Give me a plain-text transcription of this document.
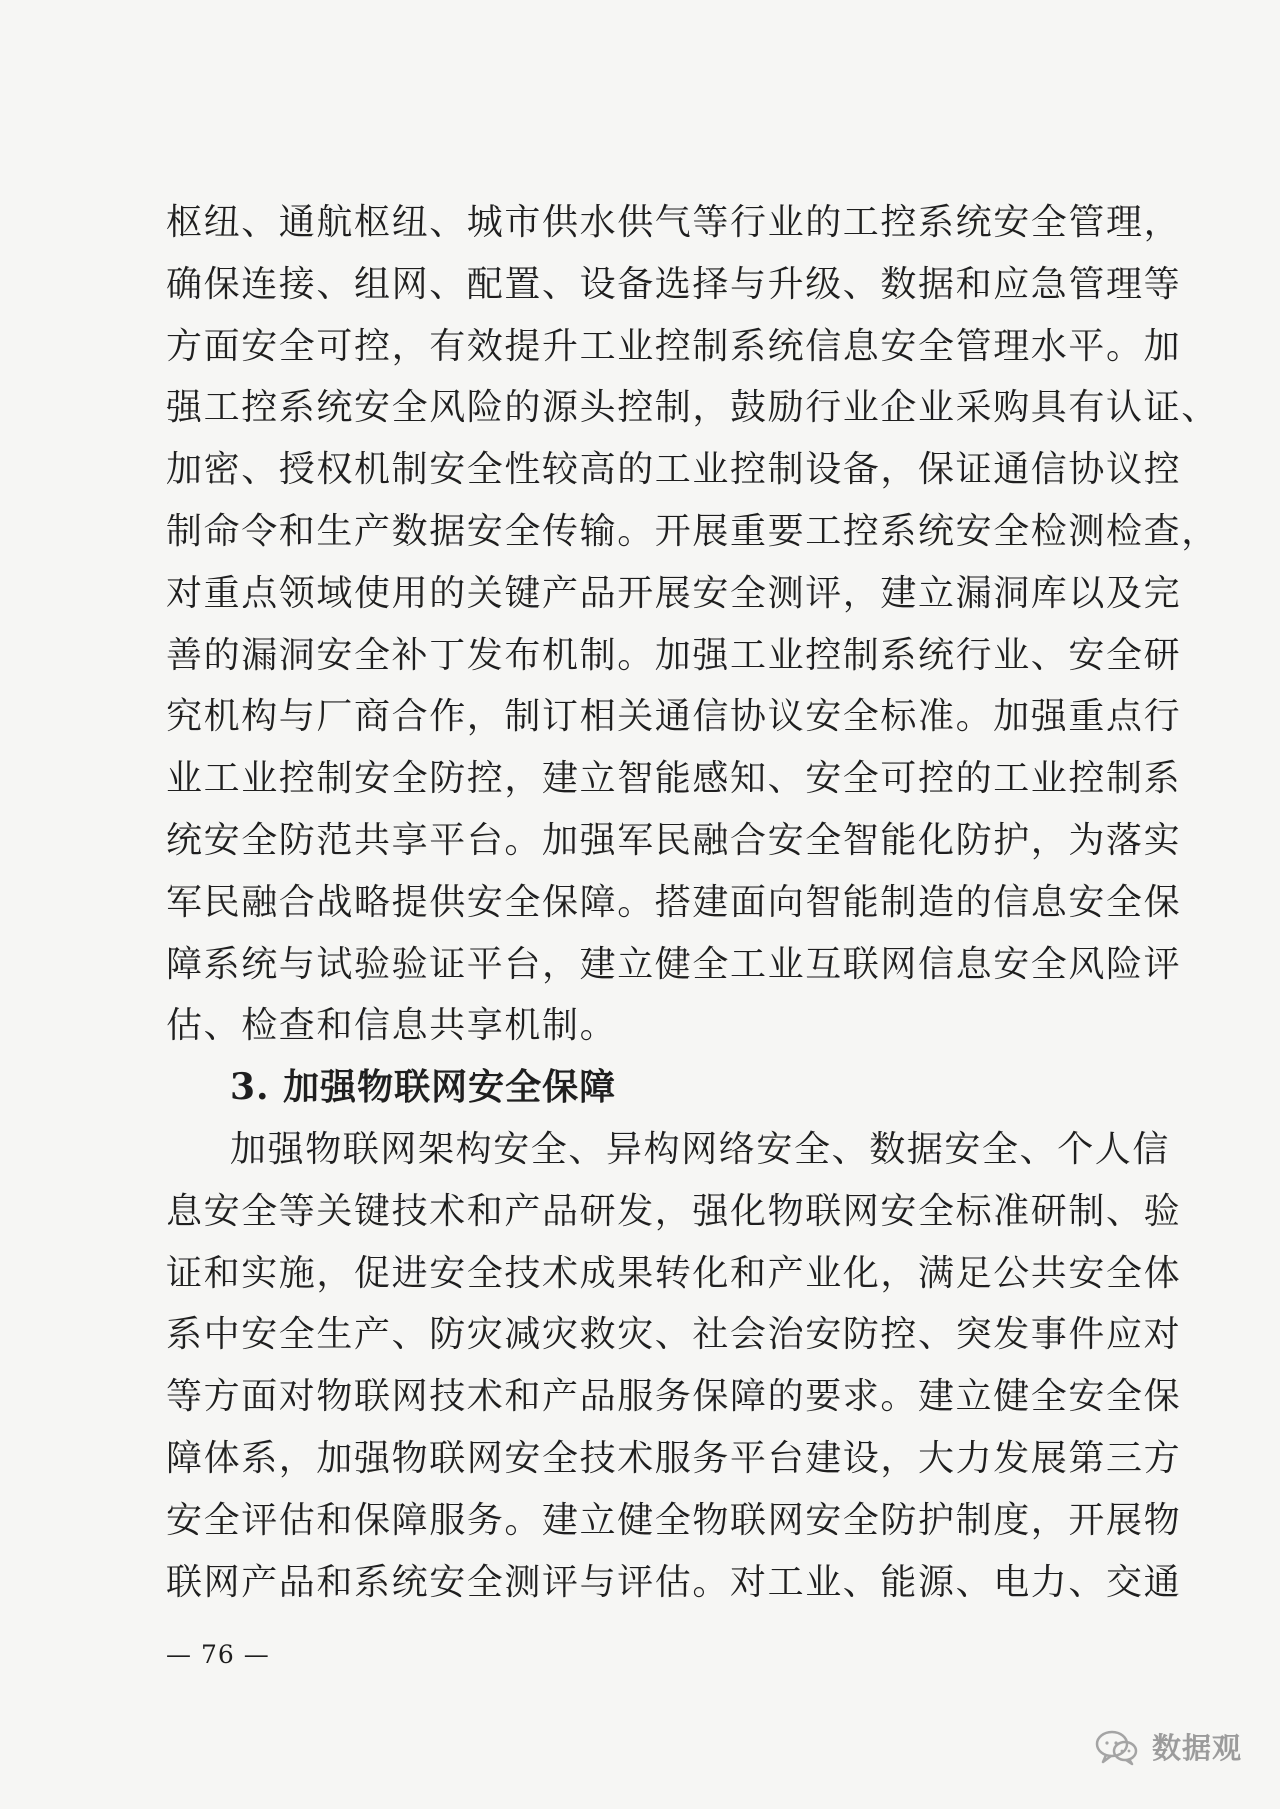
枢纽、通航枢纽、城市供水供气等行业的工控系统安全管理，
确保连接、组网、配置、设备选择与升级、数据和应急管理等
方面安全可控，有效提升工业控制系统信息安全管理水平。加
强工控系统安全风险的源头控制，鼓励行业企业采购具有认证、
加密、授权机制安全性较高的工业控制设备，保证通信协议控
制命令和生产数据安全传输。开展重要工控系统安全检测检查，
对重点领域使用的关键产品开展安全测评，建立漏洞库以及完
善的漏洞安全补丁发布机制。加强工业控制系统行业、安全研
究机构与厂商合作，制订相关通信协议安全标准。加强重点行
业工业控制安全防控，建立智能感知、安全可控的工业控制系
统安全防范共享平台。加强军民融合安全智能化防护，为落实
军民融合战略提供安全保障。搭建面向智能制造的信息安全保
障系统与试验验证平台，建立健全工业互联网信息安全风险评
估、检查和信息共享机制。
3. 加强物联网安全保障
加强物联网架构安全、异构网络安全、数据安全、个人信
息安全等关键技术和产品研发，强化物联网安全标准研制、验
证和实施，促进安全技术成果转化和产业化，满足公共安全体
系中安全生产、防灾减灾救灾、社会治安防控、突发事件应对
等方面对物联网技术和产品服务保障的要求。建立健全安全保
障体系，加强物联网安全技术服务平台建设，大力发展第三方
安全评估和保障服务。建立健全物联网安全防护制度，开展物
联网产品和系统安全测评与评估。对工业、能源、电力、交通
— 76 —
数据观
